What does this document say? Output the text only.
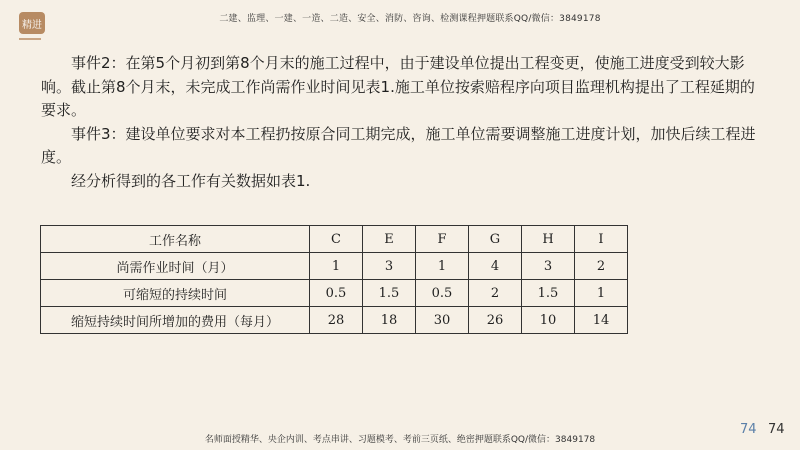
精进
二建、监理、一建、一造、二造、安全、消防、咨询、检测课程押题联系QQ/微信：3849178

事件2：在第5个月初到第8个月末的施工过程中，由于建设单位提出工程变更，使施工进度受到较大影响。截止第8个月末，未完成工作尚需作业时间见表1.施工单位按索赔程序向项目监理机构提出了工程延期的要求。

事件3：建设单位要求对本工程扔按原合同工期完成，施工单位需要调整施工进度计划，加快后续工程进度。

经分析得到的各工作有关数据如表1.

工作名称	C	E	F	G	H	I
尚需作业时间（月）	1	3	1	4	3	2
可缩短的持续时间	0.5	1.5	0.5	2	1.5	1
缩短持续时间所增加的费用（每月）	28	18	30	26	10	14
74 74
名师面授精华、央企内训、考点串讲、习题模考、考前三页纸、绝密押题联系QQ/微信：3849178
